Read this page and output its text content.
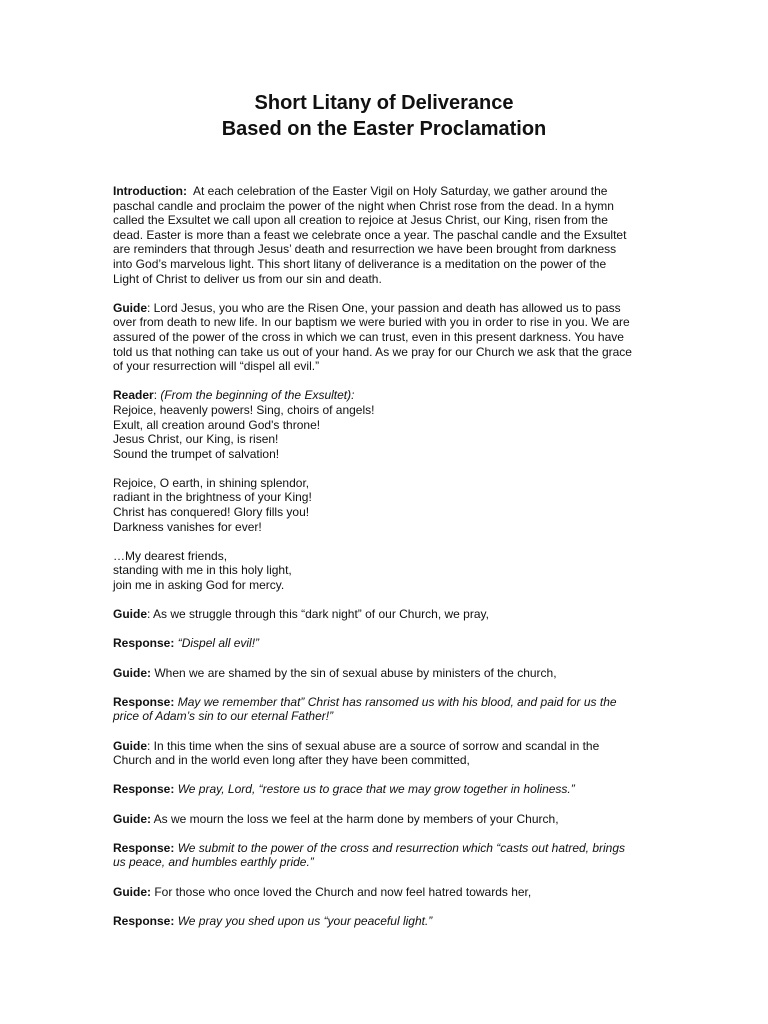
Short Litany of Deliverance
Based on the Easter Proclamation

Introduction: At each celebration of the Easter Vigil on Holy Saturday, we gather around the paschal candle and proclaim the power of the night when Christ rose from the dead. In a hymn called the Exsultet we call upon all creation to rejoice at Jesus Christ, our King, risen from the dead. Easter is more than a feast we celebrate once a year. The paschal candle and the Exsultet are reminders that through Jesus’ death and resurrection we have been brought from darkness into God’s marvelous light. This short litany of deliverance is a meditation on the power of the Light of Christ to deliver us from our sin and death.

Guide: Lord Jesus, you who are the Risen One, your passion and death has allowed us to pass over from death to new life. In our baptism we were buried with you in order to rise in you. We are assured of the power of the cross in which we can trust, even in this present darkness. You have told us that nothing can take us out of your hand. As we pray for our Church we ask that the grace of your resurrection will “dispel all evil.”

Reader: (From the beginning of the Exsultet):
Rejoice, heavenly powers! Sing, choirs of angels!
Exult, all creation around God's throne!
Jesus Christ, our King, is risen!
Sound the trumpet of salvation!
Rejoice, O earth, in shining splendor,
radiant in the brightness of your King!
Christ has conquered! Glory fills you!
Darkness vanishes for ever!
…My dearest friends,
standing with me in this holy light,
join me in asking God for mercy.

Guide: As we struggle through this “dark night” of our Church, we pray,

Response: “Dispel all evil!”

Guide: When we are shamed by the sin of sexual abuse by ministers of the church,

Response: May we remember that” Christ has ransomed us with his blood, and paid for us the price of Adam’s sin to our eternal Father!”

Guide: In this time when the sins of sexual abuse are a source of sorrow and scandal in the Church and in the world even long after they have been committed,

Response: We pray, Lord, “restore us to grace that we may grow together in holiness.”

Guide: As we mourn the loss we feel at the harm done by members of your Church,

Response: We submit to the power of the cross and resurrection which “casts out hatred, brings us peace, and humbles earthly pride.”

Guide: For those who once loved the Church and now feel hatred towards her,

Response: We pray you shed upon us “your peaceful light.”
